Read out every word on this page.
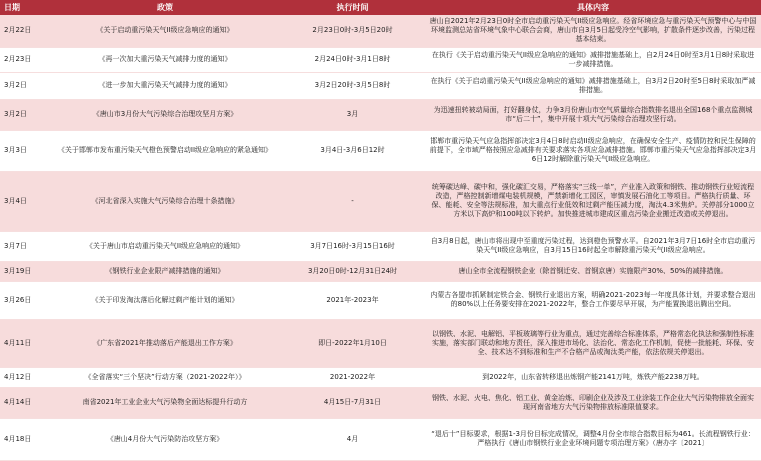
日期	政策	执行时间	具体内容
2月22日	《关于启动重污染天气II级应急响应的通知》	2月23日0时-3月5日20时	唐山自2021年2月23日0时全市启动重污染天气II级应急响应。经省环境应急与重污染天气预警中心与中国环境监测总站省环境气象中心联合会商，唐山市自3月5日起受冷空气影响，扩散条件逐步改善，污染过程基本结束。
2月23日	《再一次加大重污染天气减排力度的通知》	2月24日0时-3月1日8时	在执行《关于启动重污染天气II级应急响应的通知》减排措施基础上，自2月24日0时至3月1日8时采取进一步减排措施。
3月2日	《进一步加大重污染天气减排力度的通知》	3月2日20时-3月5日8时	在执行《关于启动重污染天气II级应急响应的通知》减排措施基础上，自3月2日20时至5日8时采取加严减排措施。
3月2日	《唐山市3月份大气污染综合治理攻坚月方案》	3月	为迅速扭转被动局面，打好翻身仗，力争3月份唐山市空气质量综合指数排名退出全国168个重点监测城市“后二十”，集中开展十项大气污染综合治理攻坚行动。
3月3日	《关于邯郸市发布重污染天气橙色预警启动II级应急响应的紧急通知》	3月4日-3月6日12时	邯郸市重污染天气应急指挥部决定3月4日8时启动II级应急响应，在确保安全生产、疫情防控和民生保障的前提下，全市域严格按照应急减排有关要求落实各项应急减排措施。邯郸市重污染天气应急指挥部决定3月6日12时解除重污染天气II级应急响应。
3月4日	《河北省深入实施大气污染综合治理十条措施》	-	统筹碳达峰、碳中和，强化碳汇交易，严格落实“三线一单”，产业准入政策和钢铁、推动钢铁行业短流程改造，严格控制新增煤电装机规模，严禁新增化工园区，审慎发展石油化工等项目。严格执行质量、环保、能耗、安全等法规标准，加大重点行业低效和过剩产能压减力度，淘汰4.3米焦炉。关停部分1000立方米以下高炉和100吨以下转炉。加快推进城市建成区重点污染企业搬迁改造或关停退出。
3月7日	《关于唐山市启动重污染天气II级应急响应的通知》	3月7日16时-3月15日16时	自3月8日起，唐山市将出现中至重度污染过程，达到橙色预警水平。自2021年3月7日16时全市启动重污染天气II级应急响应，自3月15日16时起全市解除重污染天气II级应急响应。
3月19日	《钢铁行业企业限产减排措施的通知》	3月20日0时-12月31日24时	唐山全市全流程钢铁企业（除首钢迁安、首钢京唐）实施限产30%、50%的减排措施。
3月26日	《关于印发淘汰落后化解过剩产能计划的通知》	2021年-2023年	内蒙古各盟市抓紧制定铁合金、钢铁行业退出方案，明确2021-2023每一年度具体计划，并要求整合退出的80%以上任务要安排在2021-2022年，整合工作要尽早开展，为产能置换退出腾出空间。
4月11日	《广东省2021年推动落后产能退出工作方案》	即日-2022年1月10日	以钢铁、水泥、电解铝、平板玻璃等行业为重点，通过完善综合标准体系，严格常态化执法和强制性标准实施，落实部门联动和地方责任，深入推进市场化、法治化、常态化工作机制，促使一批能耗、环保、安全、技术达不到标准和生产不合格产品或淘汰类产能，依法依规关停退出。
4月12日	《全省落实“三个坚决”行动方案（2021-2022年）》	2021-2022年	到2022年，山东省转移退出炼钢产能2141万吨，炼铁产能2238万吨。
4月14日	南省2021年工业企业大气污染物全面达标提升行动方	4月15日-7月31日	钢铁、水泥、火电、焦化、铝工业、黄金冶炼、印刷企业及涉及工业涂装工作企业大气污染物排放全面实现河南省地方大气污染物排放标准限值要求。
4月18日	《唐山4月份大气污染防治攻坚方案》	4月	“退后十”目标要求，根据1-3月份目标完成情况，调整4月份全市综合指数目标为461。长流程钢铁行业：严格执行《唐山市钢铁行业企业环境问题专项治理方案》（唐办字〔2021〕
